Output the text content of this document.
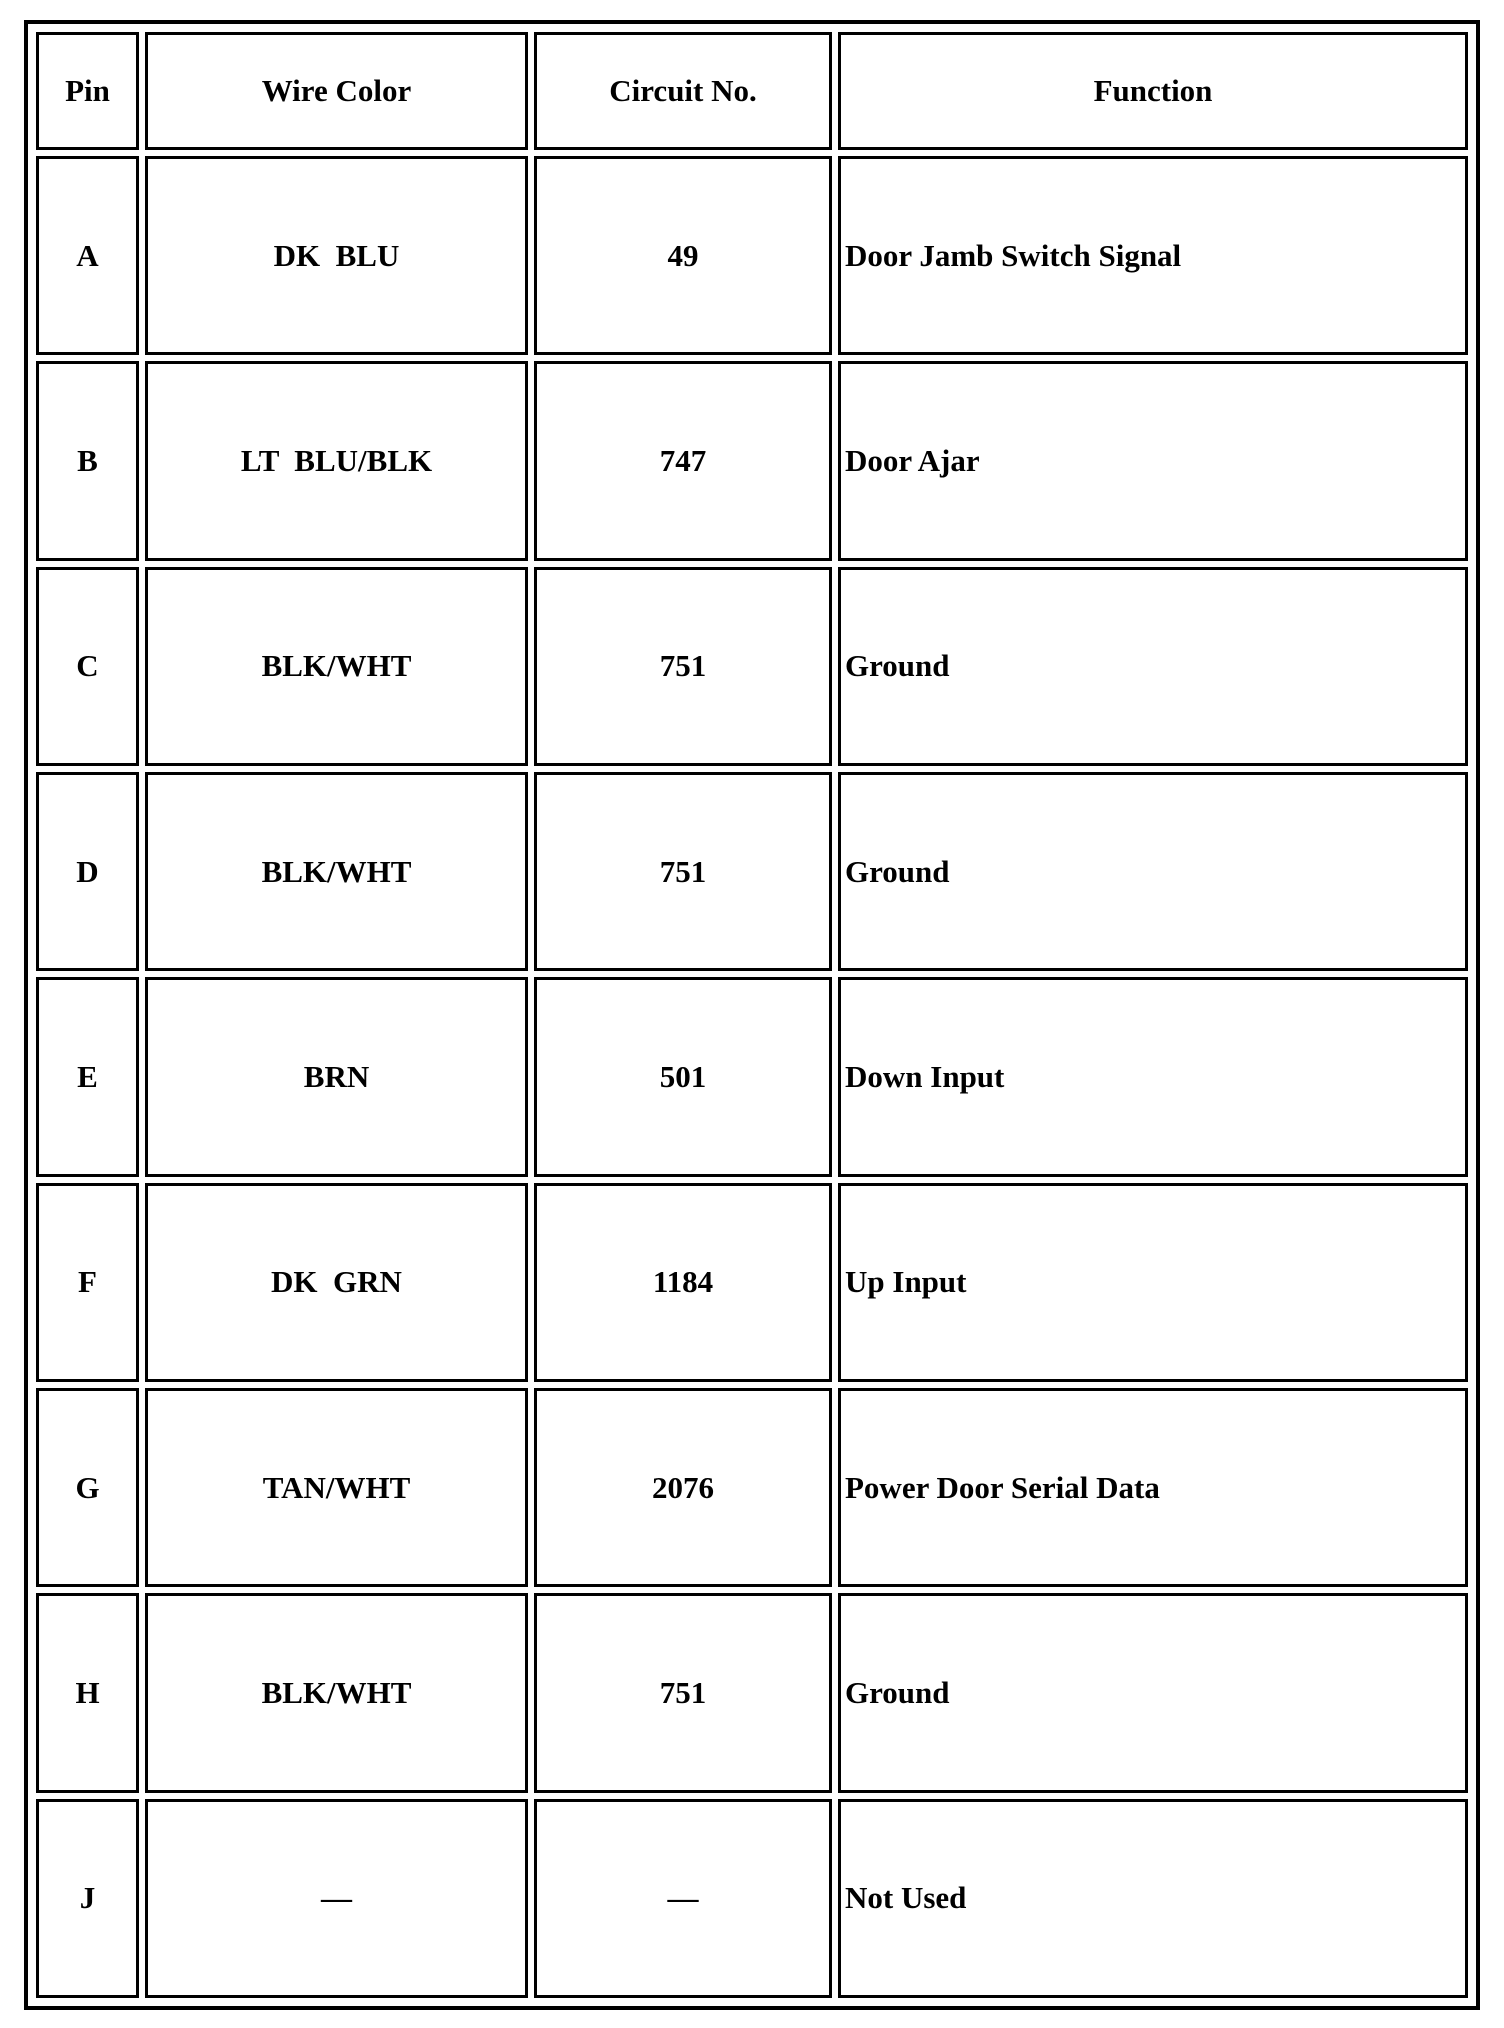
Pin	Wire Color	Circuit No.	Function
A	DK  BLU	49	Door Jamb Switch Signal
B	LT  BLU/BLK	747	Door Ajar
C	BLK/WHT	751	Ground
D	BLK/WHT	751	Ground
E	BRN	501	Down Input
F	DK  GRN	1184	Up Input
G	TAN/WHT	2076	Power Door Serial Data
H	BLK/WHT	751	Ground
J	—	—	Not Used
